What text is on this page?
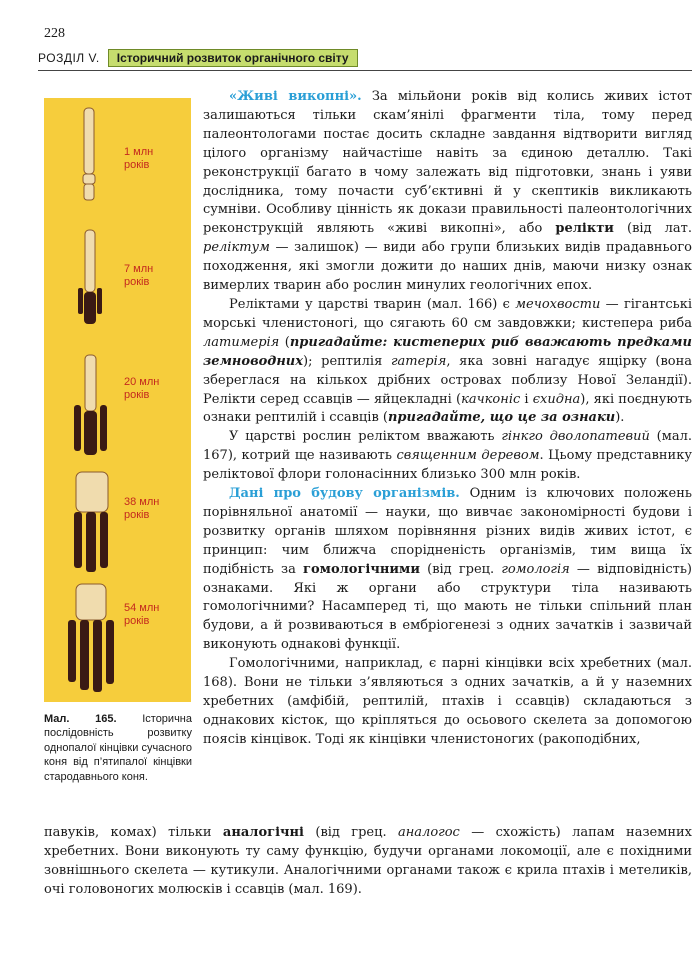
228
РОЗДІЛ V.	Історичний розвиток органічного світу
1 млн
років
7 млн
років
20 млн
років
38 млн
років
54 млн
років
Мал. 165. Історична послідовність розвитку однопалої кінцівки сучасного коня від п’ятипалої кінцівки стародавнього коня.

«Живі викопні». За мільйони років від колись живих істот залишаються тільки скам’янілі фрагменти тіла, тому перед палеонтологами постає досить складне завдання відтворити вигляд цілого організму найчастіше навіть за єдиною деталлю. Такі реконструкції багато в чому залежать від підготовки, знань і уяви дослідника, тому почасти суб’єктивні й у скептиків викликають сумніви. Особливу цінність як докази правильності палеонтологічних реконструкцій являють «живі викопні», або релікти (від лат. реліктум — залишок) — види або групи близьких видів прадавнього походження, які змогли дожити до наших днів, маючи низку ознак вимерлих тварин або рослин минулих геологічних епох.

Реліктами у царстві тварин (мал. 166) є мечохвости — гігантські морські членистоногі, що сягають 60 см завдовжки; кистепера риба латимерія (пригадайте: кистеперих риб вважають предками земноводних); рептилія гатерія, яка зовні нагадує ящірку (вона збереглася на кількох дрібних островах поблизу Нової Зеландії). Релікти серед ссавців — яйцекладні (качконіс і єхидна), які поєднують ознаки рептилій і ссавців (пригадайте, що це за ознаки).

У царстві рослин реліктом вважають гінкго дволопатевий (мал. 167), котрий ще називають священним деревом. Цьому представнику реліктової флори голонасінних близько 300 млн років.

Дані про будову організмів. Одним із ключових положень порівняльної анатомії — науки, що вивчає закономірності будови і розвитку органів шляхом порівняння різних видів живих істот, є принцип: чим ближча спорідненість організмів, тим вища їх подібність за гомологічними (від грец. гомологія — відповідність) ознаками. Які ж органи або структури тіла називають гомологічними? Насамперед ті, що мають не тільки спільний план будови, а й розвиваються в ембріогенезі з одних зачатків і зазвичай виконують однакові функції.

Гомологічними, наприклад, є парні кінцівки всіх хребетних (мал. 168). Вони не тільки з’являються з одних зачатків, а й у наземних хребетних (амфібій, рептилій, птахів і ссавців) складаються з однакових кісток, що кріпляться до осьового скелета за допомогою поясів кінцівок. Тоді як кінцівки членистоногих (ракоподібних,

павуків, комах) тільки аналогічні (від грец. аналогос — схожість) лапам наземних хребетних. Вони виконують ту саму функцію, будучи органами локомоції, але є похідними зовнішнього скелета — кутикули. Аналогічними органами також є крила птахів і метеликів, очі головоногих молюсків і ссавців (мал. 169).
